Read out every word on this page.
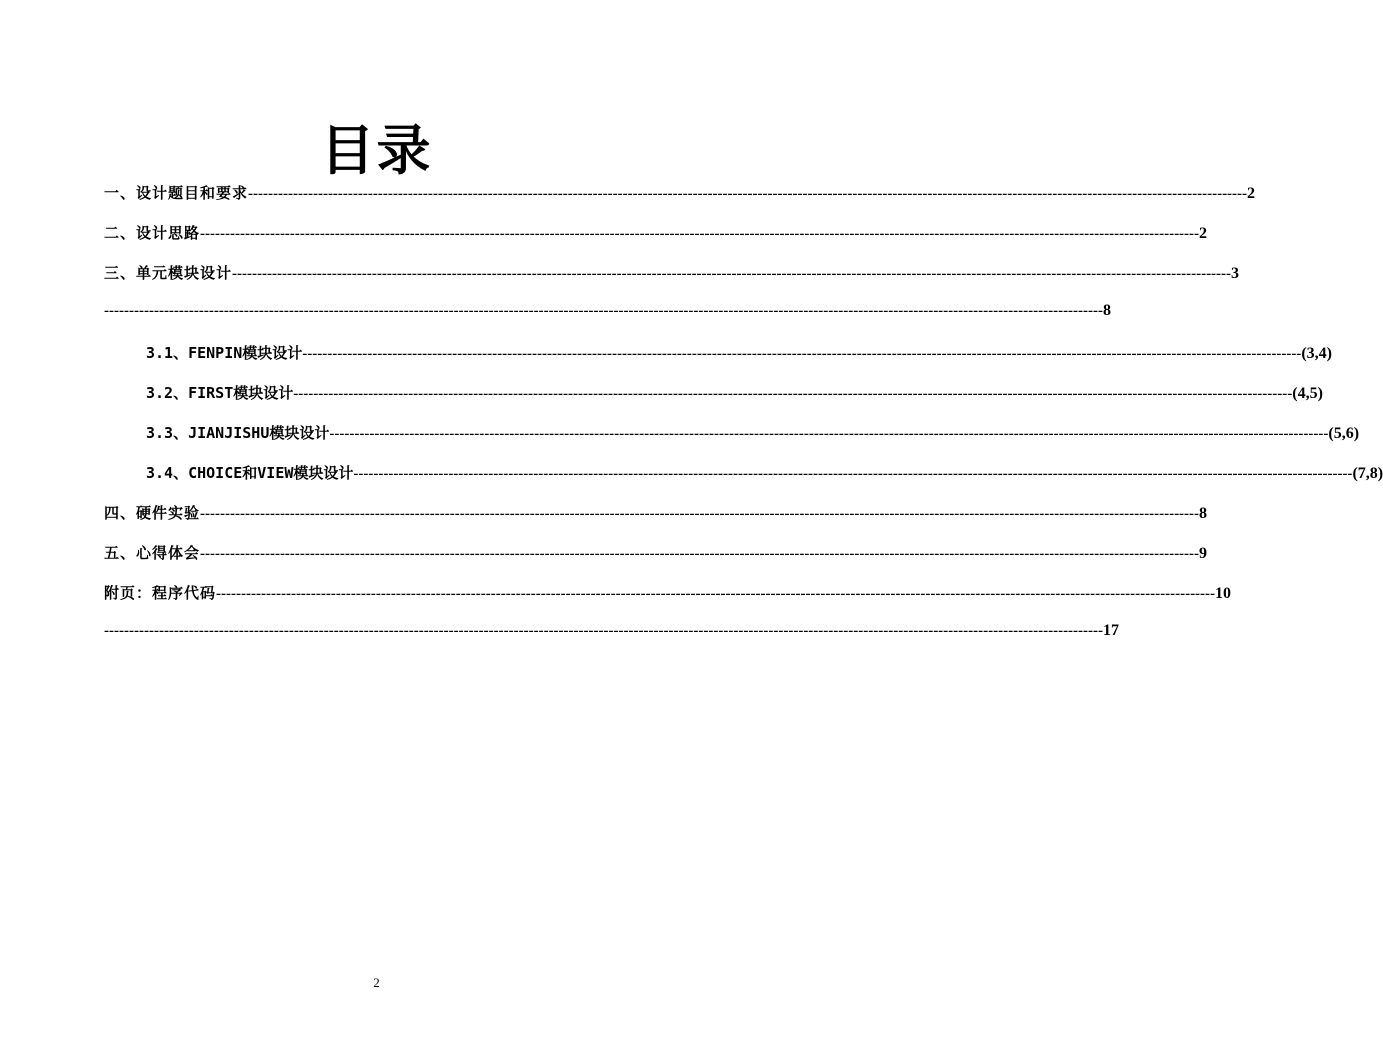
目录
一、设计题目和要求 -------------------------------------------------------------------------------------------------------------------------------------------------------------------------------------------------------- 2
二、设计思路 -------------------------------------------------------------------------------------------------------------------------------------------------------------------------------------------------------- 2
三、单元模块设计 -------------------------------------------------------------------------------------------------------------------------------------------------------------------------------------------------------- 3
-------------------------------------------------------------------------------------------------------------------------------------------------------------------------------------------------------- 8
3.1、FENPIN模块设计 -------------------------------------------------------------------------------------------------------------------------------------------------------------------------------------------------------- (3,4)
3.2、FIRST模块设计 -------------------------------------------------------------------------------------------------------------------------------------------------------------------------------------------------------- (4,5)
3.3、JIANJISHU模块设计 -------------------------------------------------------------------------------------------------------------------------------------------------------------------------------------------------------- (5,6)
3.4、CHOICE和VIEW模块设计 -------------------------------------------------------------------------------------------------------------------------------------------------------------------------------------------------------- (7,8)
四、硬件实验 -------------------------------------------------------------------------------------------------------------------------------------------------------------------------------------------------------- 8
五、心得体会 -------------------------------------------------------------------------------------------------------------------------------------------------------------------------------------------------------- 9
附页：程序代码 -------------------------------------------------------------------------------------------------------------------------------------------------------------------------------------------------------- 10
-------------------------------------------------------------------------------------------------------------------------------------------------------------------------------------------------------- 17
2
